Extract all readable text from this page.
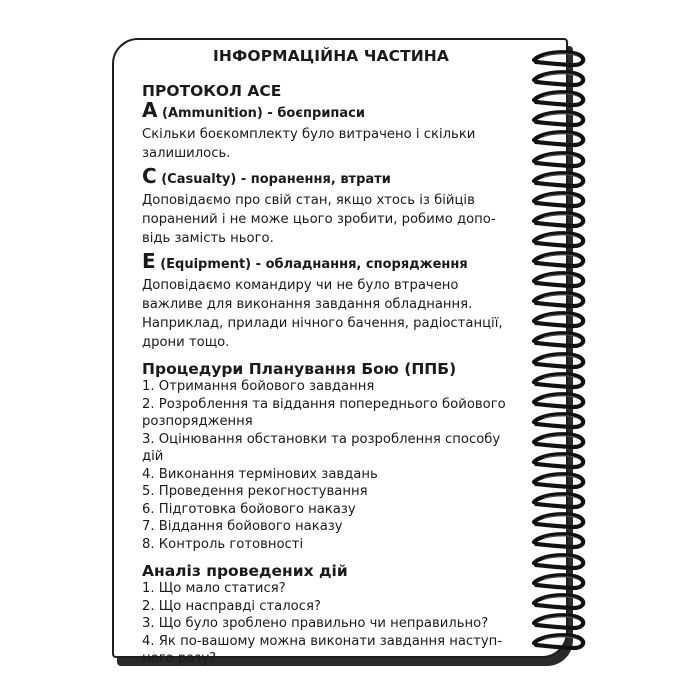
ІНФОРМАЦІЙНА ЧАСТИНА
ПРОТОКОЛ АСЕ
A (Ammunition) - боєприпаси
Скільки боєкомплекту було витрачено і скільки залишилось.
C (Casualty) - поранення, втрати
Доповідаємо про свій стан, якщо хтось із бійців поранений і не може цього зробити, робимо допо-відь замість нього.
E (Equipment) - обладнання, спорядження
Доповідаємо командиру чи не було втрачено важливе для виконання завдання обладнання. Наприклад, прилади нічного бачення, радіостанції, дрони тощо.
Процедури Планування Бою (ППБ)
1. Отримання бойового завдання
2. Розроблення та віддання попереднього бойового розпорядження
3. Оцінювання обстановки та розроблення способу дій
4. Виконання термінових завдань
5. Проведення рекогностування
6. Підготовка бойового наказу
7. Віддання бойового наказу
8. Контроль готовності
Аналіз проведених дій
1. Що мало статися?
2. Що насправді сталося?
3. Що було зроблено правильно чи неправильно?
4. Як по-вашому можна виконати завдання наступ-ного разу?
